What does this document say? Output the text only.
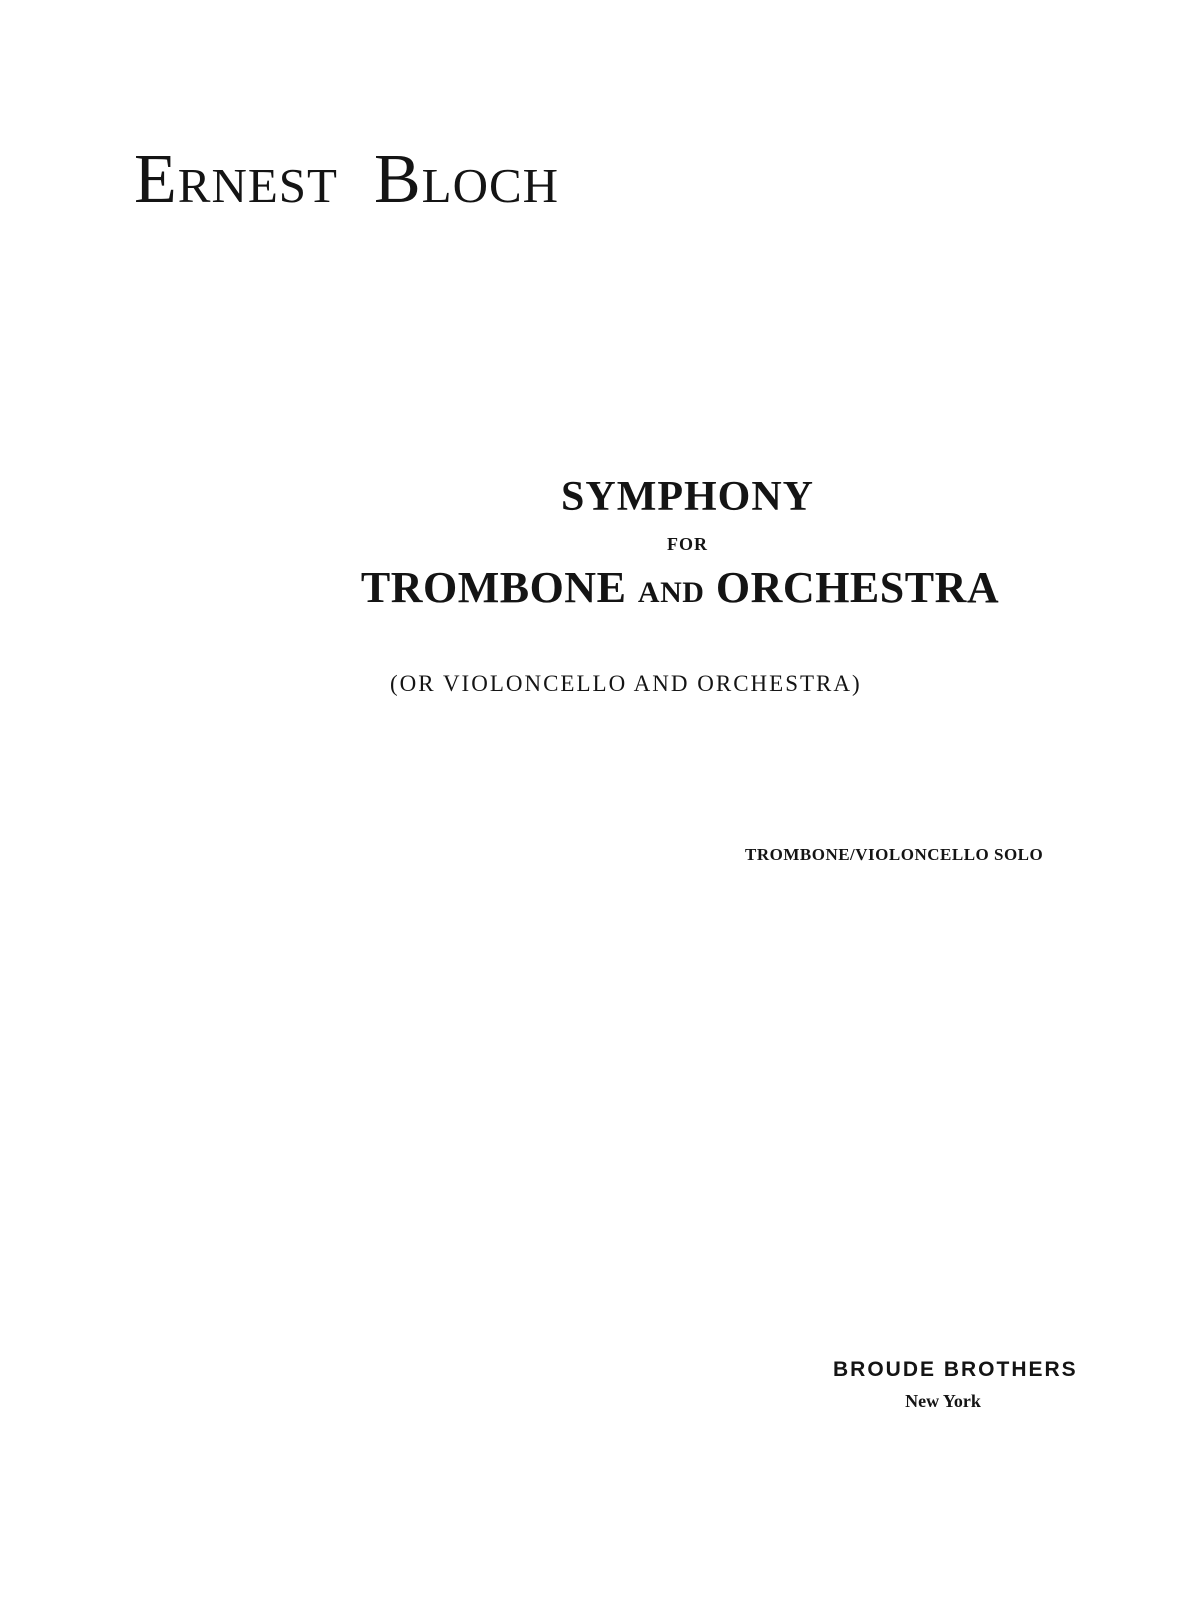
Ernest Bloch
SYMPHONY
FOR
TROMBONE AND ORCHESTRA
(OR VIOLONCELLO AND ORCHESTRA)
TROMBONE/VIOLONCELLO SOLO
BROUDE BROTHERS
New York
